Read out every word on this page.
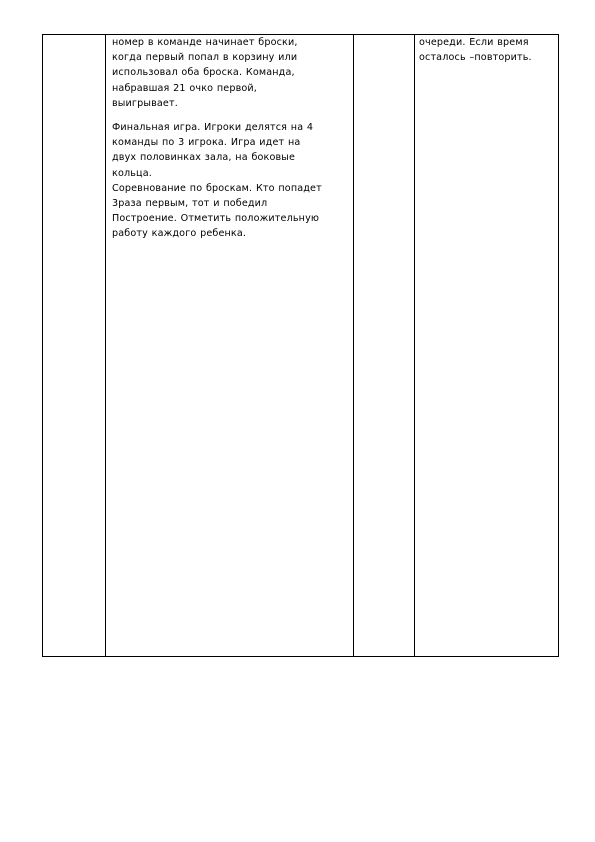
номер в команде начинает броски,
когда первый попал в корзину или
использовал оба броска. Команда,
набравшая 21 очко первой,
выигрывает.

Финальная игра. Игроки делятся на 4
команды по 3 игрока. Игра идет на
двух половинках зала, на боковые
кольца.
Соревнование по броскам. Кто попадет
3раза первым, тот и победил
Построение. Отметить положительную
работу каждого ребенка.

очереди. Если время
осталось –повторить.
